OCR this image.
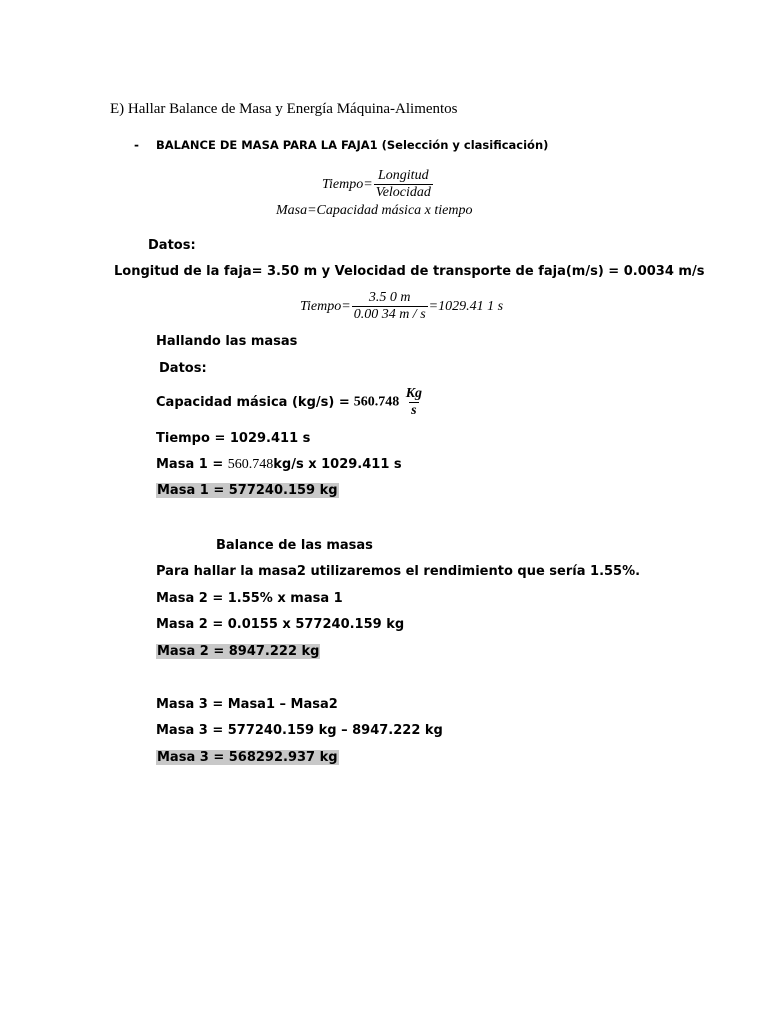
E) Hallar Balance de Masa y Energía Máquina-Alimentos
- BALANCE DE MASA PARA LA FAJA1 (Selección y clasificación)
Tiempo= $\frac{\text{Longitud}}{\text{Velocidad}}$
Masa=Capacidad másica x tiempo
Datos:
Longitud de la faja= 3.50 m y Velocidad de transporte de faja(m/s) = 0.0034 m/s
Tiempo= $\frac{3.5 0 m}{0.00 34 m / s} =1029.41$ 1 s
Hallando las masas
Datos:
Capacidad másica $(kg/s) = 560.748 \frac{Kg}{s}$
Tiempo = 1029.411 s
Masa 1 = 560.748kg/s x 1029.411 s
Masa 1 = 577240.159 kg
Balance de las masas
Para hallar la masa2 utilizaremos el rendimiento que sería 1.55%.
Masa 2 = 1.55% x masa 1
Masa 2 = 0.0155 x 577240.159 kg
Masa 2 = 8947.222 kg
Masa 3 = Masa1 – Masa2
Masa 3 = 577240.159 kg – 8947.222 kg
Masa 3 = 568292.937 kg
